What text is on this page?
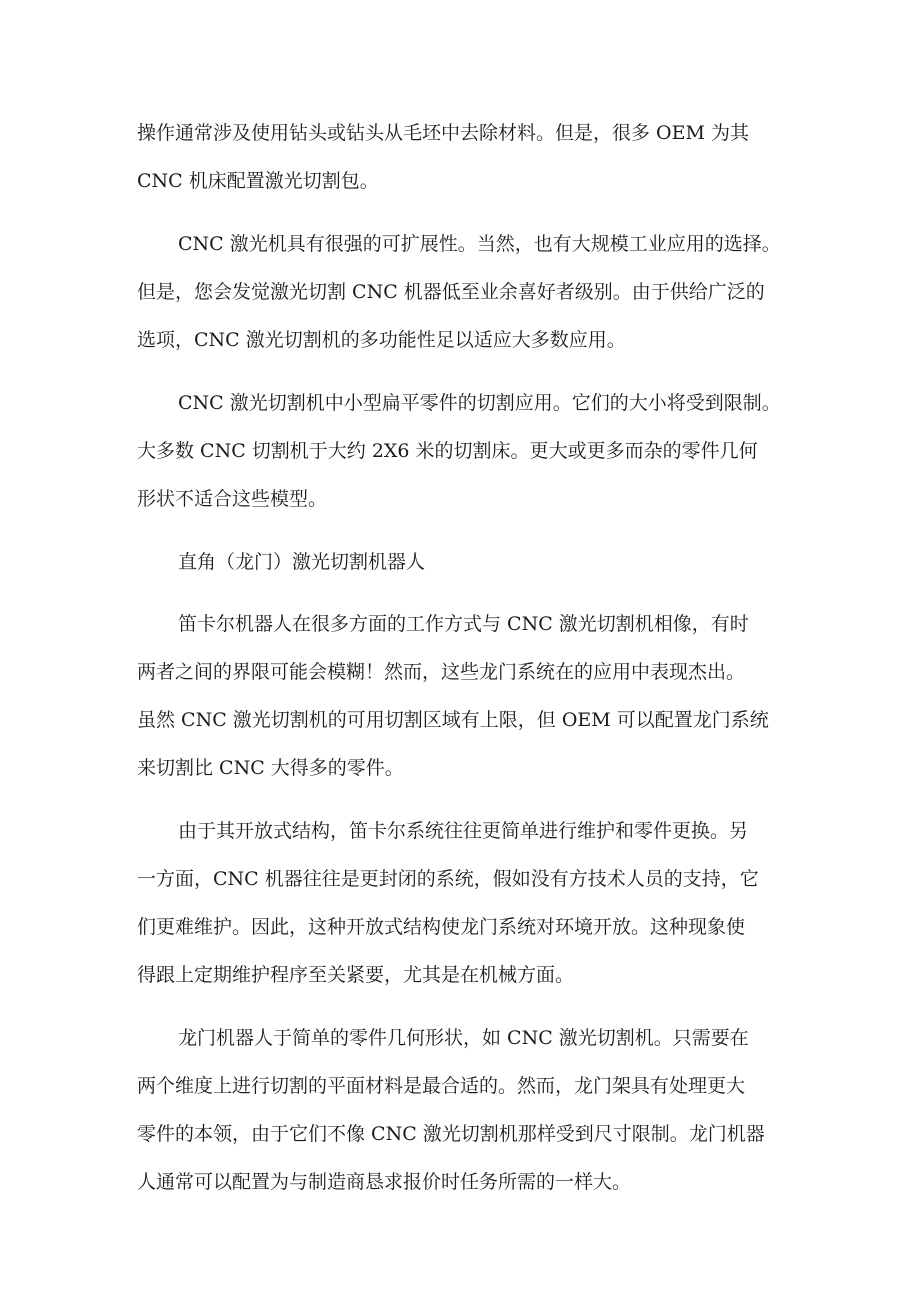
操作通常涉及使用钻头或钻头从毛坯中去除材料。但是，很多 OEM 为其

CNC 机床配置激光切割包。

CNC 激光机具有很强的可扩展性。当然，也有大规模工业应用的选择。

但是，您会发觉激光切割 CNC 机器低至业余喜好者级别。由于供给广泛的

选项，CNC 激光切割机的多功能性足以适应大多数应用。

CNC 激光切割机中小型扁平零件的切割应用。它们的大小将受到限制。

大多数 CNC 切割机于大约 2X6 米的切割床。更大或更多而杂的零件几何

形状不适合这些模型。

直角（龙门）激光切割机器人

笛卡尔机器人在很多方面的工作方式与 CNC 激光切割机相像，有时

两者之间的界限可能会模糊！然而，这些龙门系统在的应用中表现杰出。

虽然 CNC 激光切割机的可用切割区域有上限，但 OEM 可以配置龙门系统

来切割比 CNC 大得多的零件。

由于其开放式结构，笛卡尔系统往往更简单进行维护和零件更换。另

一方面，CNC 机器往往是更封闭的系统，假如没有方技术人员的支持，它

们更难维护。因此，这种开放式结构使龙门系统对环境开放。这种现象使

得跟上定期维护程序至关紧要，尤其是在机械方面。

龙门机器人于简单的零件几何形状，如 CNC 激光切割机。只需要在

两个维度上进行切割的平面材料是最合适的。然而，龙门架具有处理更大

零件的本领，由于它们不像 CNC 激光切割机那样受到尺寸限制。龙门机器

人通常可以配置为与制造商恳求报价时任务所需的一样大。
